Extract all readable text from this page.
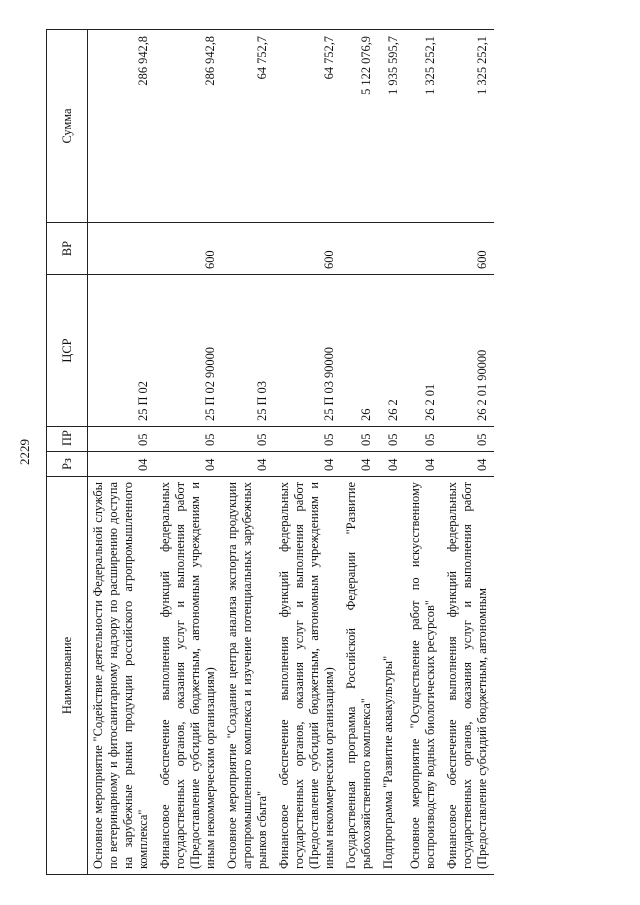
2229
Наименование	Рз	ПР	ЦСР	ВР	Сумма
Основное мероприятие "Содействие деятельности Федеральной службы по ветеринарному и фитосанитарному надзору по расширению доступа на зарубежные рынки продукции российского агропромышленного комплекса"	04	05	25 П 02		286 942,8
Финансовое обеспечение выполнения функций федеральных государственных органов, оказания услуг и выполнения работ (Предоставление субсидий бюджетным, автономным учреждениям и иным некоммерческим организациям)	04	05	25 П 02 90000	600	286 942,8
Основное мероприятие "Создание центра анализа экспорта продукции агропромышленного комплекса и изучение потенциальных зарубежных рынков сбыта"	04	05	25 П 03		64 752,7
Финансовое обеспечение выполнения функций федеральных государственных органов, оказания услуг и выполнения работ (Предоставление субсидий бюджетным, автономным учреждениям и иным некоммерческим организациям)	04	05	25 П 03 90000	600	64 752,7
Государственная программа Российской Федерации "Развитие рыбохозяйственного комплекса"	04	05	26		5 122 076,9
Подпрограмма "Развитие аквакультуры"	04	05	26 2		1 935 595,7
Основное мероприятие "Осуществление работ по искусственному воспроизводству водных биологических ресурсов"	04	05	26 2 01		1 325 252,1
Финансовое обеспечение выполнения функций федеральных государственных органов, оказания услуг и выполнения работ (Предоставление субсидий бюджетным, автономным	04	05	26 2 01 90000	600	1 325 252,1
